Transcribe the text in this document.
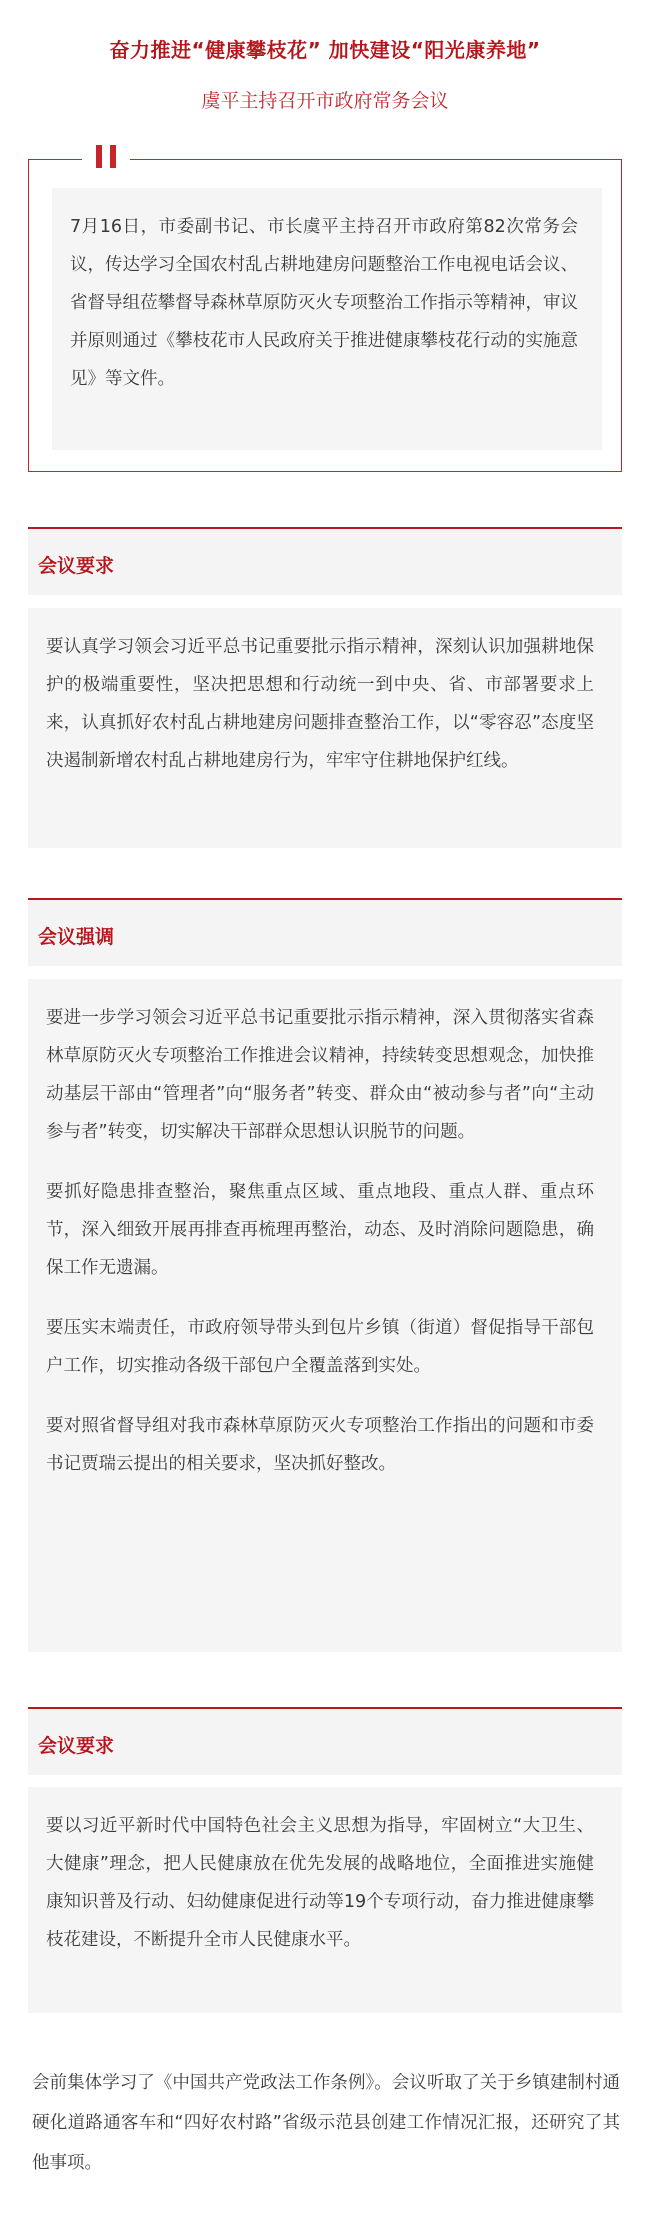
奋力推进“健康攀枝花” 加快建设“阳光康养地”
虞平主持召开市政府常务会议

7月16日，市委副书记、市长虞平主持召开市政府第82次常务会议，传达学习全国农村乱占耕地建房问题整治工作电视电话会议、省督导组莅攀督导森林草原防灭火专项整治工作指示等精神，审议并原则通过《攀枝花市人民政府关于推进健康攀枝花行动的实施意见》等文件。

会议要求

要认真学习领会习近平总书记重要批示指示精神，深刻认识加强耕地保护的极端重要性，坚决把思想和行动统一到中央、省、市部署要求上来，认真抓好农村乱占耕地建房问题排查整治工作，以“零容忍”态度坚决遏制新增农村乱占耕地建房行为，牢牢守住耕地保护红线。

会议强调

要进一步学习领会习近平总书记重要批示指示精神，深入贯彻落实省森林草原防灭火专项整治工作推进会议精神，持续转变思想观念，加快推动基层干部由“管理者”向“服务者”转变、群众由“被动参与者”向“主动参与者”转变，切实解决干部群众思想认识脱节的问题。

要抓好隐患排查整治，聚焦重点区域、重点地段、重点人群、重点环节，深入细致开展再排查再梳理再整治，动态、及时消除问题隐患，确保工作无遗漏。

要压实末端责任，市政府领导带头到包片乡镇（街道）督促指导干部包户工作，切实推动各级干部包户全覆盖落到实处。

要对照省督导组对我市森林草原防灭火专项整治工作指出的问题和市委书记贾瑞云提出的相关要求，坚决抓好整改。

会议要求

要以习近平新时代中国特色社会主义思想为指导，牢固树立“大卫生、大健康”理念，把人民健康放在优先发展的战略地位，全面推进实施健康知识普及行动、妇幼健康促进行动等19个专项行动，奋力推进健康攀枝花建设，不断提升全市人民健康水平。

会前集体学习了《中国共产党政法工作条例》。会议听取了关于乡镇建制村通硬化道路通客车和“四好农村路”省级示范县创建工作情况汇报，还研究了其他事项。
